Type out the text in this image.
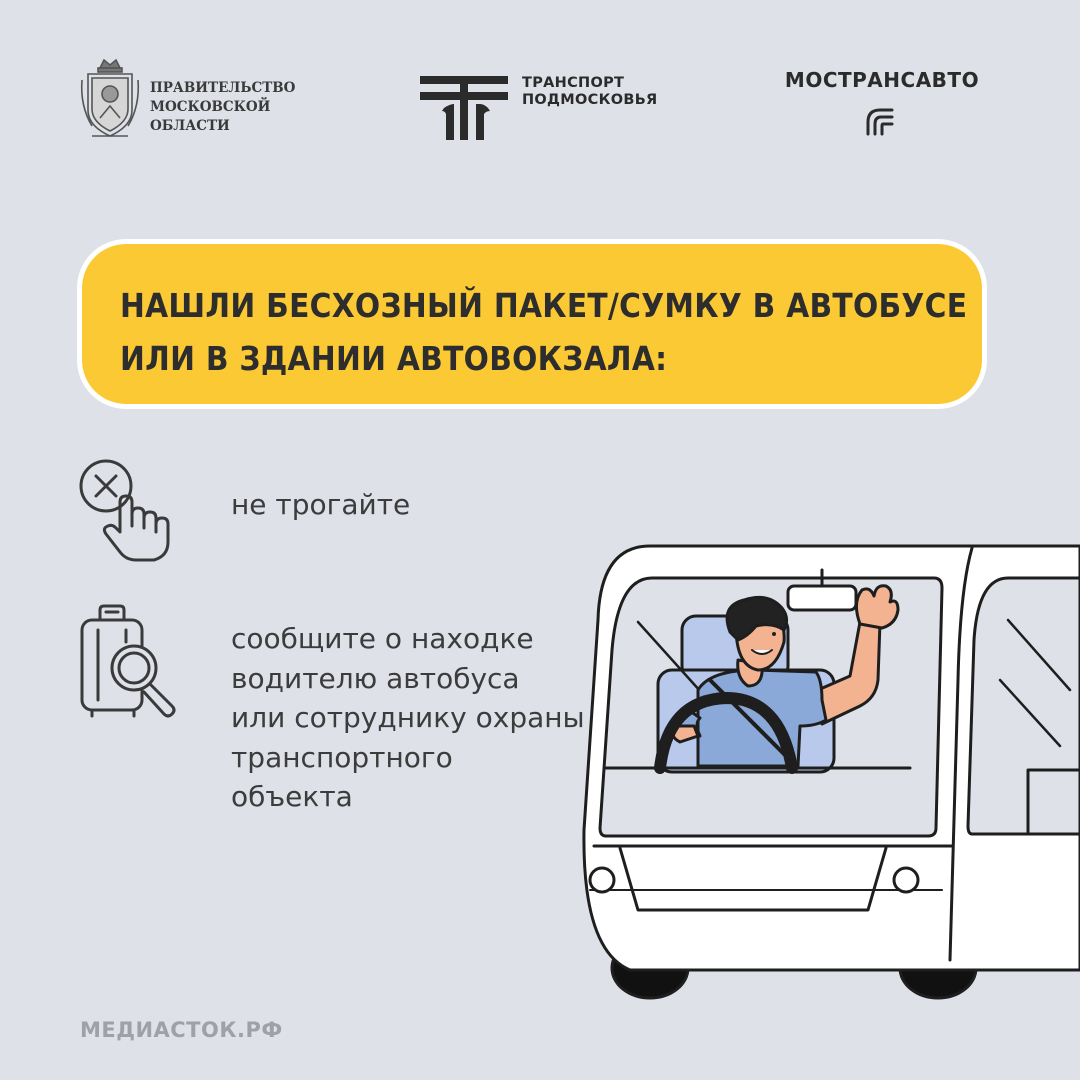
ПРАВИТЕЛЬСТВО
МОСКОВСКОЙ
ОБЛАСТИ
ТРАНСПОРТ
ПОДМОСКОВЬЯ
МОСТРАНСАВТО
НАШЛИ БЕСХОЗНЫЙ ПАКЕТ/СУМКУ В АВТОБУСЕ
ИЛИ В ЗДАНИИ АВТОВОКЗАЛА:
не трогайте
сообщите о находке
водителю автобуса
или сотруднику охраны
транспортного
объекта
МЕДИАСТОК.РФ
